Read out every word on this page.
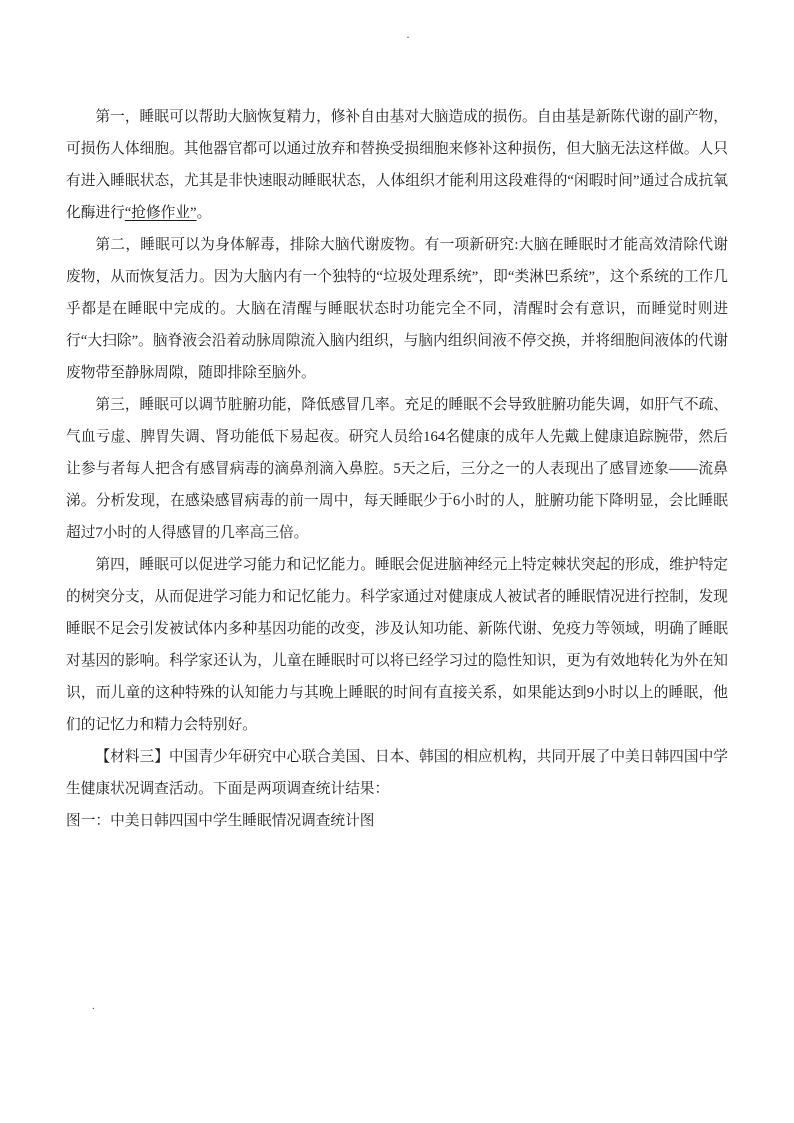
·

第一，睡眠可以帮助大脑恢复精力，修补自由基对大脑造成的损伤。自由基是新陈代谢的副产物，可损伤人体细胞。其他器官都可以通过放弃和替换受损细胞来修补这种损伤，但大脑无法这样做。人只有进入睡眠状态，尤其是非快速眼动睡眠状态，人体组织才能利用这段难得的“闲暇时间”通过合成抗氧化酶进行“抢修作业”。

第二，睡眠可以为身体解毒，排除大脑代谢废物。有一项新研究:大脑在睡眠时才能高效清除代谢废物，从而恢复活力。因为大脑内有一个独特的“垃圾处理系统”，即“类淋巴系统”，这个系统的工作几乎都是在睡眠中完成的。大脑在清醒与睡眠状态时功能完全不同，清醒时会有意识，而睡觉时则进行“大扫除”。脑脊液会沿着动脉周隙流入脑内组织，与脑内组织间液不停交换，并将细胞间液体的代谢废物带至静脉周隙，随即排除至脑外。

第三，睡眠可以调节脏腑功能，降低感冒几率。充足的睡眠不会导致脏腑功能失调，如肝气不疏、气血亏虚、脾胃失调、肾功能低下易起夜。研究人员给164名健康的成年人先戴上健康追踪腕带，然后让参与者每人把含有感冒病毒的滴鼻剂滴入鼻腔。5天之后，三分之一的人表现出了感冒迹象——流鼻涕。分析发现，在感染感冒病毒的前一周中，每天睡眠少于6小时的人，脏腑功能下降明显，会比睡眠超过7小时的人得感冒的几率高三倍。

第四，睡眠可以促进学习能力和记忆能力。睡眠会促进脑神经元上特定棘状突起的形成，维护特定的树突分支，从而促进学习能力和记忆能力。科学家通过对健康成人被试者的睡眠情况进行控制，发现睡眠不足会引发被试体内多种基因功能的改变，涉及认知功能、新陈代谢、免疫力等领域，明确了睡眠对基因的影响。科学家还认为，儿童在睡眠时可以将已经学习过的隐性知识，更为有效地转化为外在知识，而儿童的这种特殊的认知能力与其晚上睡眠的时间有直接关系，如果能达到9小时以上的睡眠，他们的记忆力和精力会特别好。

【材料三】中国青少年研究中心联合美国、日本、韩国的相应机构，共同开展了中美日韩四国中学生健康状况调查活动。下面是两项调查统计结果：

图一：中美日韩四国中学生睡眠情况调查统计图

.
